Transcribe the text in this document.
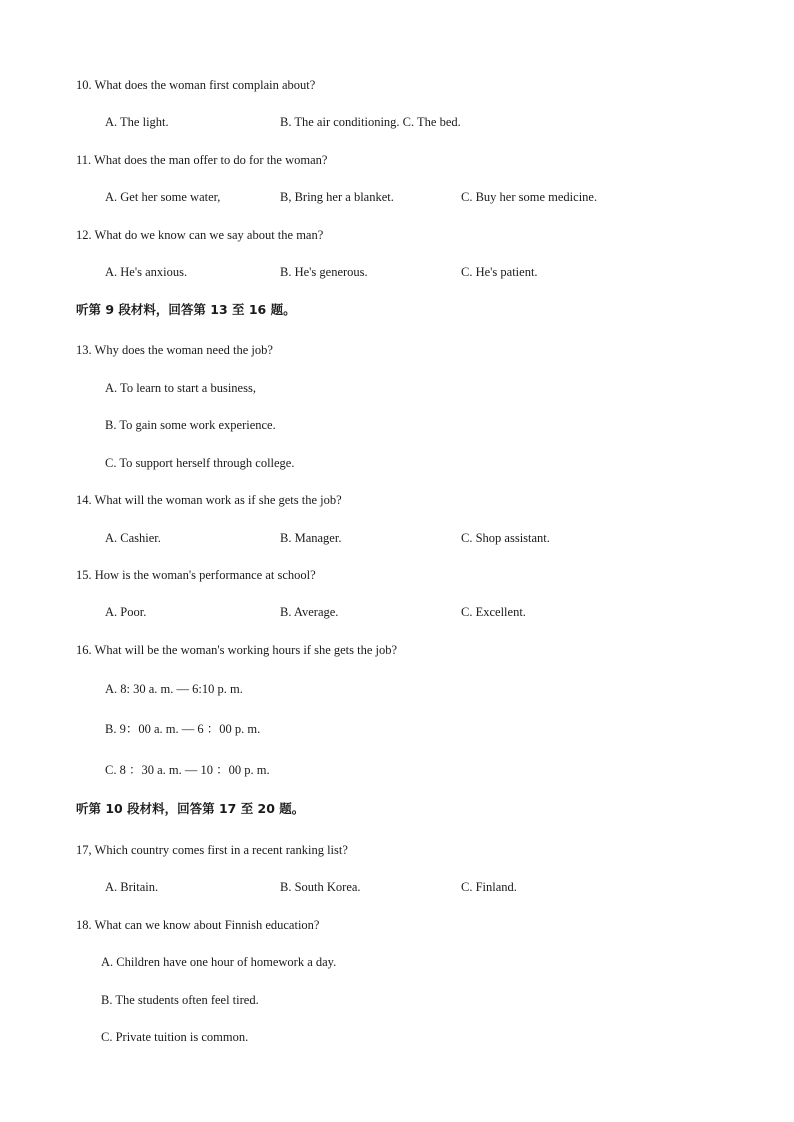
10. What does the woman first complain about?
A. The light.	B. The air conditioning. C. The bed.
11. What does the man offer to do for the woman?
A. Get her some water,	B, Bring her a blanket.	C. Buy her some medicine.
12. What do we know can we say about the man?
A. He's anxious.	B. He's generous.	C. He's patient.
听第 9 段材料，回答第 13 至 16 题。
13. Why does the woman need the job?
A. To learn to start a business,
B. To gain some work experience.
C. To support herself through college.
14. What will the woman work as if she gets the job?
A. Cashier.	B. Manager.	C. Shop assistant.
15. How is the woman's performance at school?
A. Poor.	B. Average.	C. Excellent.
16. What will be the woman's working hours if she gets the job?
A. 8: 30 a. m. — 6:10 p. m.
B. 9：00 a. m. — 6 ：00 p. m.
C. 8 ：30 a. m. — 10 ：00 p. m.
听第 10 段材料，回答第 17 至 20 题。
17, Which country comes first in a recent ranking list?
A. Britain.	B. South Korea.	C. Finland.
18. What can we know about Finnish education?
A. Children have one hour of homework a day.
B. The students often feel tired.
C. Private tuition is common.
